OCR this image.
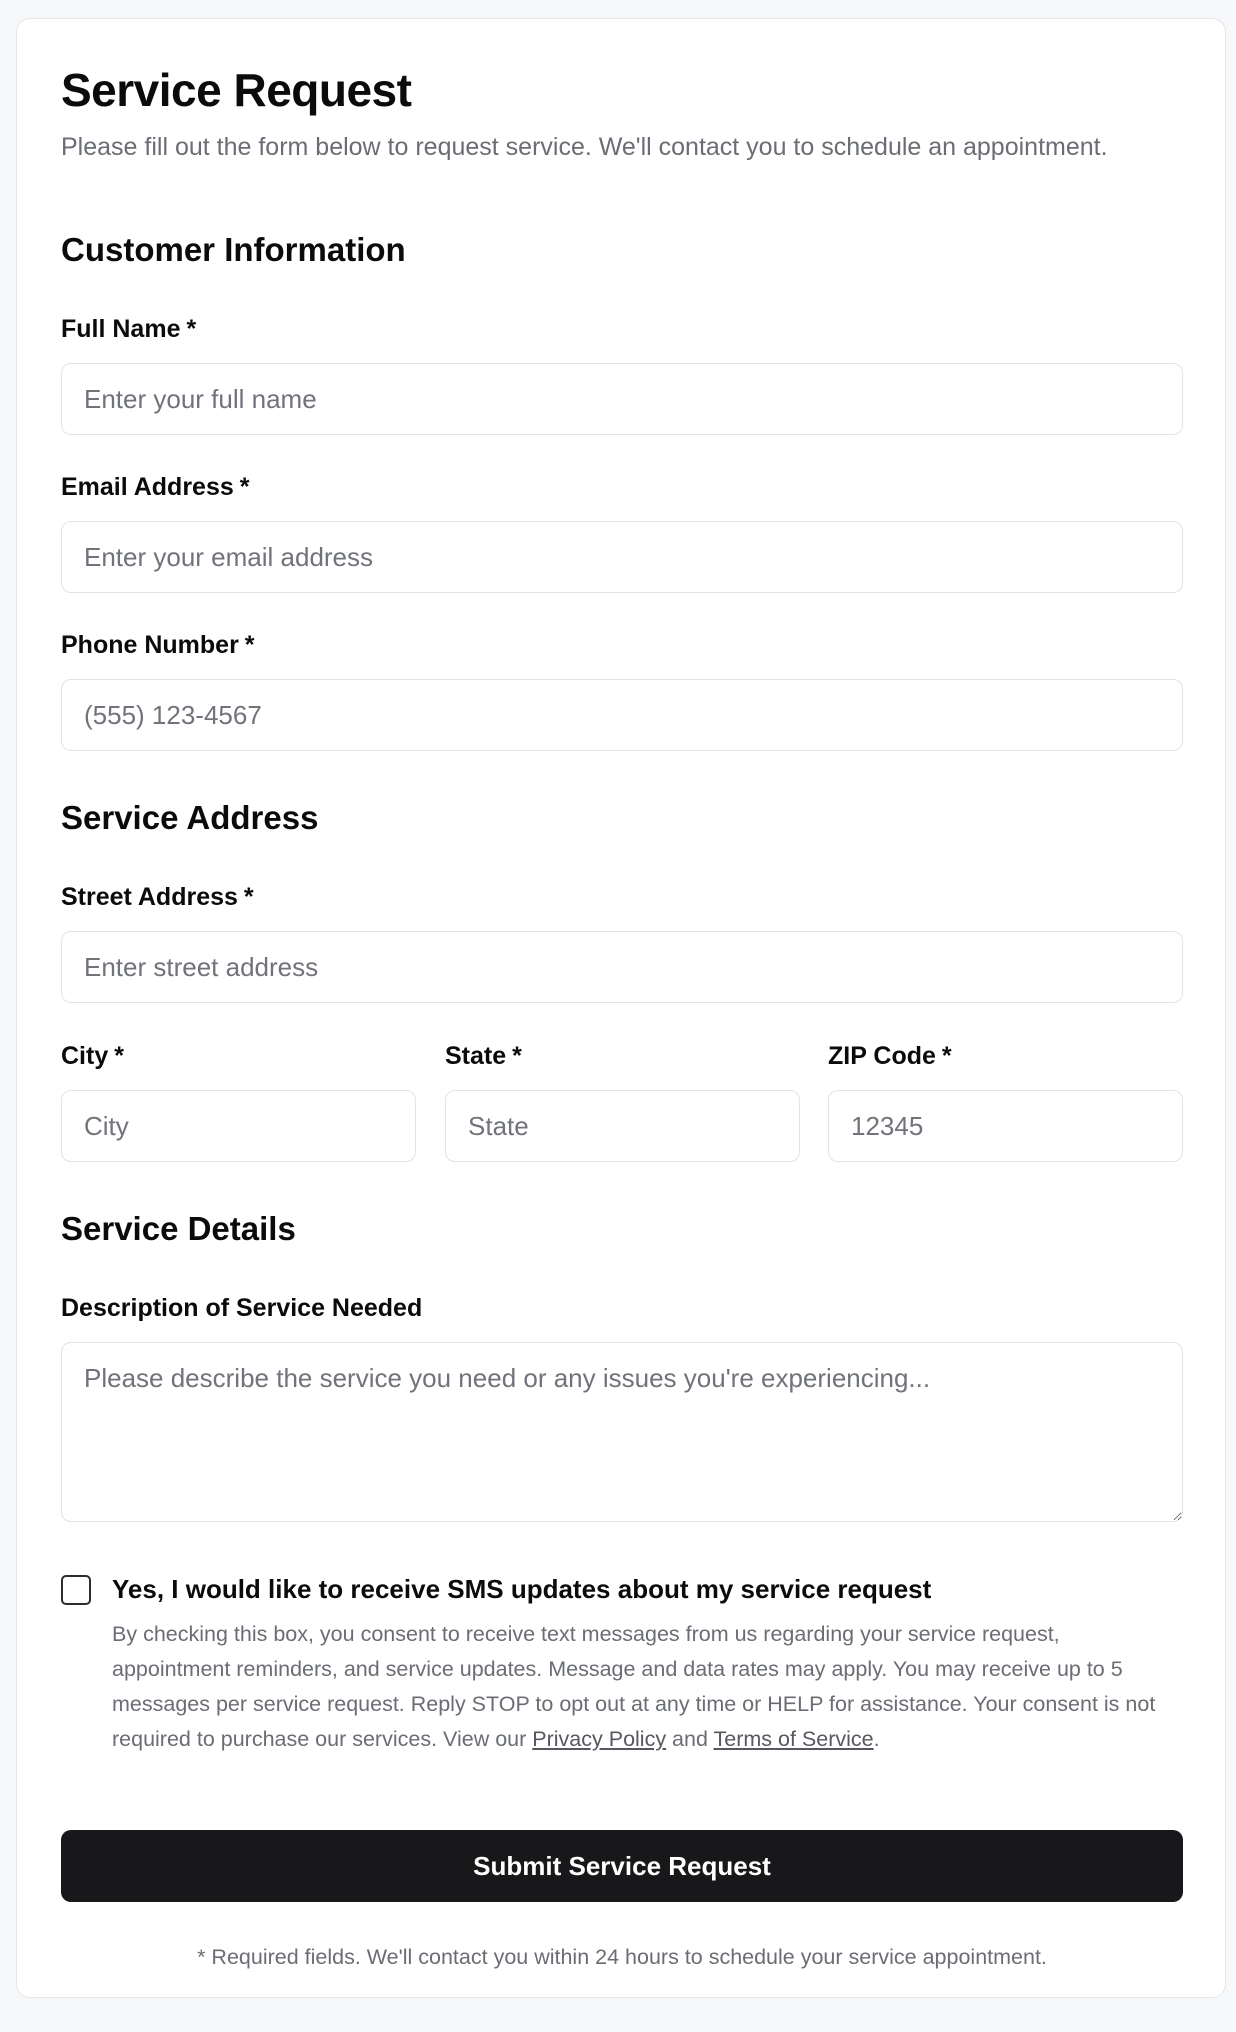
Service Request

Please fill out the form below to request service. We'll contact you to schedule an appointment.

Customer Information
Full Name *
Enter your full name
Email Address *
Enter your email address
Phone Number *
(555) 123-4567
Service Address
Street Address *
Enter street address
City *
City	State *
State	ZIP Code *
12345
Service Details
Description of Service Needed
Please describe the service you need or any issues you're experiencing...
Yes, I would like to receive SMS updates about my service request

By checking this box, you consent to receive text messages from us regarding your service request, appointment reminders, and service updates. Message and data rates may apply. You may receive up to 5 messages per service request. Reply STOP to opt out at any time or HELP for assistance. Your consent is not required to purchase our services. View our Privacy Policy and Terms of Service.

Submit Service Request

* Required fields. We'll contact you within 24 hours to schedule your service appointment.
